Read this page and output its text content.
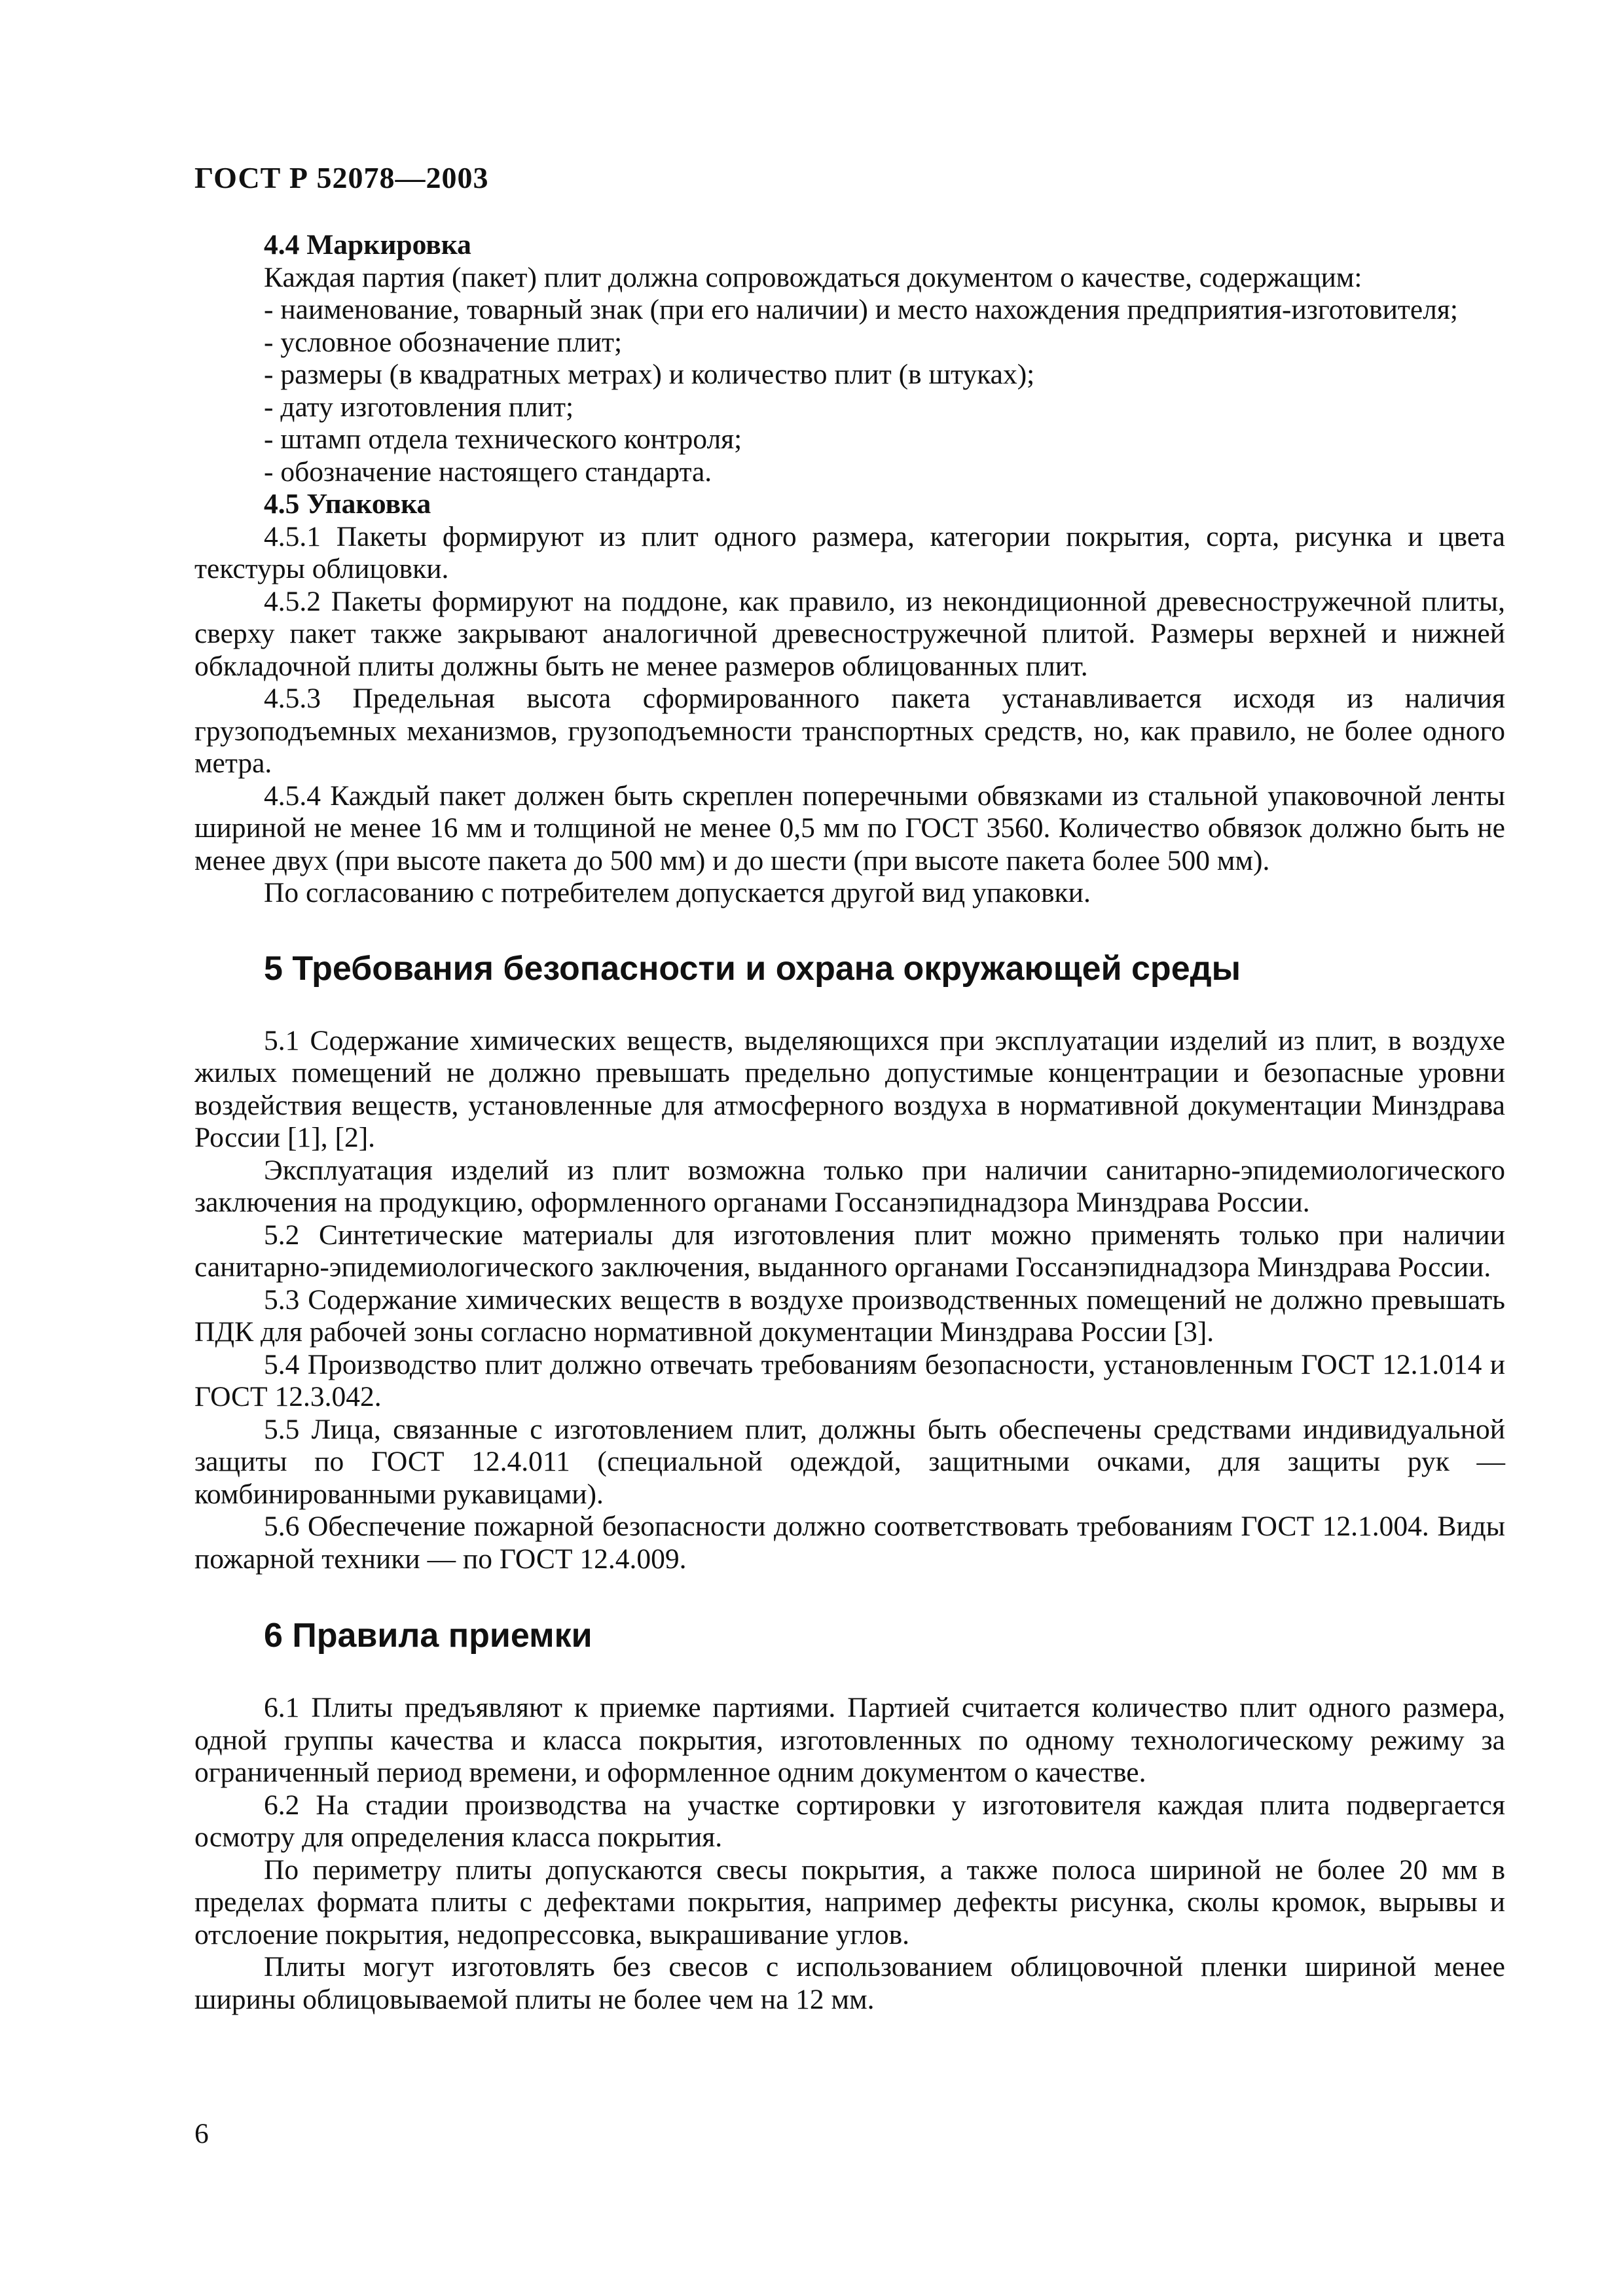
ГОСТ Р 52078—2003
4.4 Маркировка

Каждая партия (пакет) плит должна сопровождаться документом о качестве, содержащим:

- наименование, товарный знак (при его наличии) и место нахождения предприятия-изготовителя;

- условное обозначение плит;

- размеры (в квадратных метрах) и количество плит (в штуках);

- дату изготовления плит;

- штамп отдела технического контроля;

- обозначение настоящего стандарта.

4.5 Упаковка

4.5.1 Пакеты формируют из плит одного размера, категории покрытия, сорта, рисунка и цвета текстуры облицовки.

4.5.2 Пакеты формируют на поддоне, как правило, из некондиционной древесностружечной плиты, сверху пакет также закрывают аналогичной древесностружечной плитой. Размеры верхней и нижней обкладочной плиты должны быть не менее размеров облицованных плит.

4.5.3 Предельная высота сформированного пакета устанавливается исходя из наличия грузоподъемных механизмов, грузоподъемности транспортных средств, но, как правило, не более одного метра.

4.5.4 Каждый пакет должен быть скреплен поперечными обвязками из стальной упаковочной ленты шириной не менее 16 мм и толщиной не менее 0,5 мм по ГОСТ 3560. Количество обвязок должно быть не менее двух (при высоте пакета до 500 мм) и до шести (при высоте пакета более 500 мм).

По согласованию с потребителем допускается другой вид упаковки.

5 Требования безопасности и охрана окружающей среды

5.1 Содержание химических веществ, выделяющихся при эксплуатации изделий из плит, в воздухе жилых помещений не должно превышать предельно допустимые концентрации и безопасные уровни воздействия веществ, установленные для атмосферного воздуха в нормативной документации Минздрава России [1], [2].

Эксплуатация изделий из плит возможна только при наличии санитарно-эпидемиологического заключения на продукцию, оформленного органами Госсанэпиднадзора Минздрава России.

5.2 Синтетические материалы для изготовления плит можно применять только при наличии санитарно-эпидемиологического заключения, выданного органами Госсанэпиднадзора Минздрава России.

5.3 Содержание химических веществ в воздухе производственных помещений не должно превышать ПДК для рабочей зоны согласно нормативной документации Минздрава России [3].

5.4 Производство плит должно отвечать требованиям безопасности, установленным ГОСТ 12.1.014 и ГОСТ 12.3.042.

5.5 Лица, связанные с изготовлением плит, должны быть обеспечены средствами индивидуальной защиты по ГОСТ 12.4.011 (специальной одеждой, защитными очками, для защиты рук — комбинированными рукавицами).

5.6 Обеспечение пожарной безопасности должно соответствовать требованиям ГОСТ 12.1.004. Виды пожарной техники — по ГОСТ 12.4.009.

6 Правила приемки

6.1 Плиты предъявляют к приемке партиями. Партией считается количество плит одного размера, одной группы качества и класса покрытия, изготовленных по одному технологическому режиму за ограниченный период времени, и оформленное одним документом о качестве.

6.2 На стадии производства на участке сортировки у изготовителя каждая плита подвергается осмотру для определения класса покрытия.

По периметру плиты допускаются свесы покрытия, а также полоса шириной не более 20 мм в пределах формата плиты с дефектами покрытия, например дефекты рисунка, сколы кромок, вырывы и отслоение покрытия, недопрессовка, выкрашивание углов.

Плиты могут изготовлять без свесов с использованием облицовочной пленки шириной менее ширины облицовываемой плиты не более чем на 12 мм.

6
